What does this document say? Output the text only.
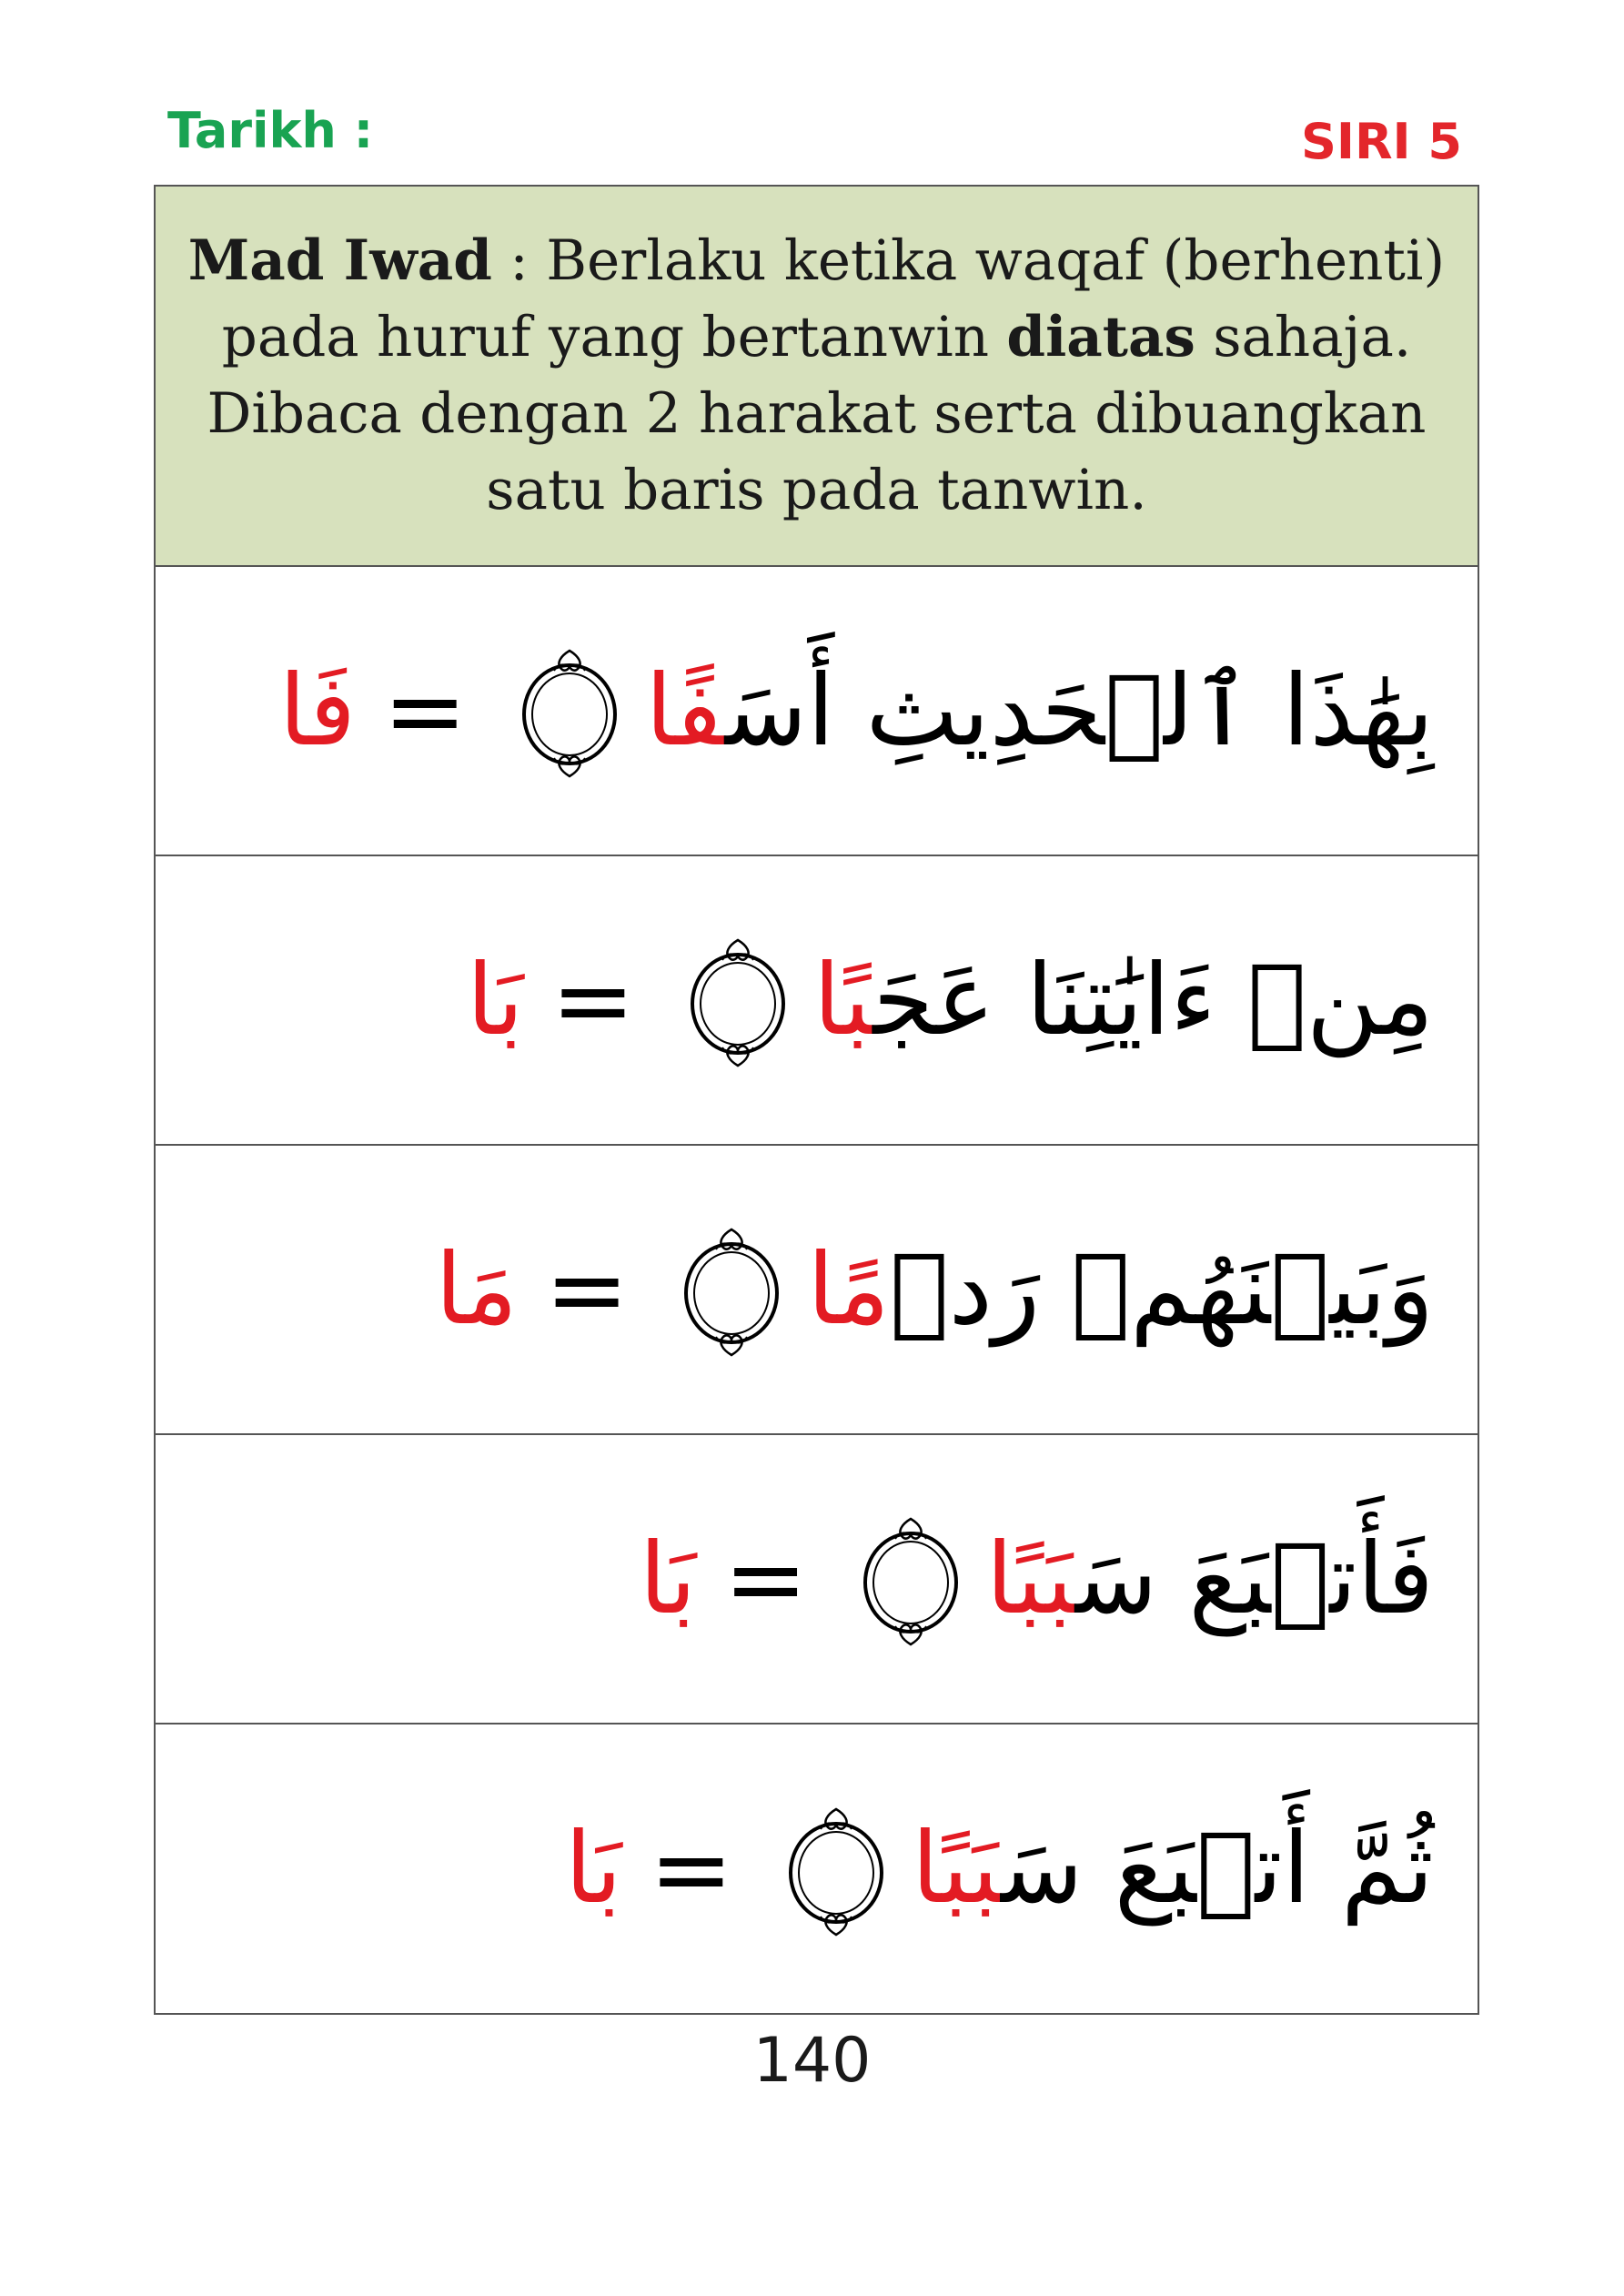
Tarikh :	SIRI 5
Mad Iwad : Berlaku ketika waqaf (berhenti) pada huruf yang bertanwin diatas sahaja. Dibaca dengan 2 harakat serta dibuangkan satu baris pada tanwin.
بِهَٰذَا ٱلۡحَدِيثِ أَسَفًا
=
فَا
مِنۡ ءَايَٰتِنَا عَجَبًا
=
بَا
وَبَيۡنَهُمۡ رَدۡمًا
=
مَا
فَأَتۡبَعَ سَبَبًا
=
بَا
ثُمَّ أَتۡبَعَ سَبَبًا
=
بَا
140
